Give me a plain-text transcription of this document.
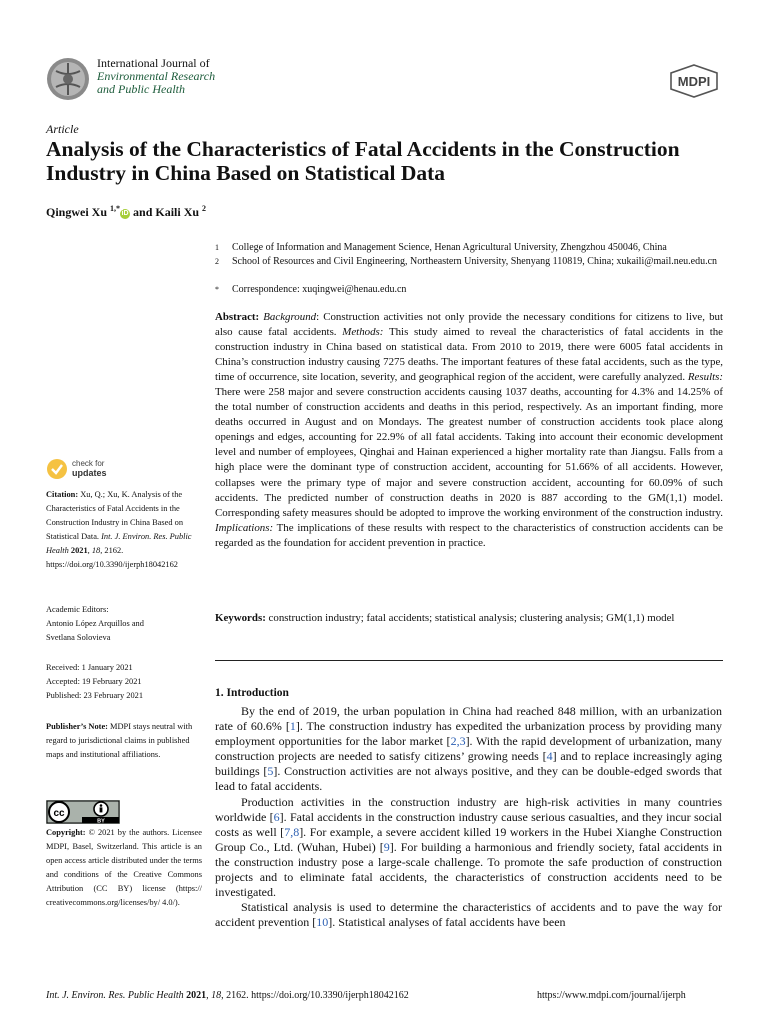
International Journal of
Environmental Research
and Public Health	MDPI
Article
Analysis of the Characteristics of Fatal Accidents in the Construction Industry in China Based on Statistical Data
Qingwei Xu $^{1,*}$iD and Kaili Xu $^2$
1	College of Information and Management Science, Henan Agricultural University, Zhengzhou 450046, China
2	School of Resources and Civil Engineering, Northeastern University, Shenyang 110819, China; xukaili@mail.neu.edu.cn
*	Correspondence: xuqingwei@henau.edu.cn
Abstract: Background: Construction activities not only provide the necessary conditions for citizens to live, but also cause fatal accidents. Methods: This study aimed to reveal the characteristics of fatal accidents in the construction industry in China based on statistical data. From 2010 to 2019, there were 6005 fatal accidents in China’s construction industry causing 7275 deaths. The important features of these fatal accidents, such as the type, time of occurrence, site location, severity, and geographical region of the accident, were carefully analyzed. Results: There were 258 major and severe construction accidents causing 1037 deaths, accounting for 4.3% and 14.25% of the total number of construction accidents and deaths in this period, respectively. As an important finding, more deaths occurred in August and on Mondays. The greatest number of construction accidents took place along openings and edges, accounting for 22.9% of all fatal accidents. Taking into account their economic development level and number of employees, Qinghai and Hainan experienced a higher mortality rate than Jiangsu. Falls from a high place were the dominant type of construction accident, accounting for 51.66% of all accidents. However, collapses were the primary type of major and severe construction accident, accounting for 60.09% of such accidents. The predicted number of construction deaths in 2020 is 887 according to the GM(1,1) model. Corresponding safety measures should be adopted to improve the working environment of the construction industry. Implications: The implications of these results with respect to the characteristics of construction accidents can be regarded as the foundation for accident prevention in practice.
Keywords: construction industry; fatal accidents; statistical analysis; clustering analysis; GM(1,1) model
1. Introduction

By the end of 2019, the urban population in China had reached 848 million, with an urbanization rate of 60.6% [1]. The construction industry has expedited the urbanization process by providing many employment opportunities for the labor market [2,3]. With the rapid development of urbanization, many construction projects are needed to satisfy citizens’ growing needs [4] and to replace increasingly aging buildings [5]. Construction activities are not always positive, and they can be double-edged swords that lead to fatal accidents.

Production activities in the construction industry are high-risk activities in many countries worldwide [6]. Fatal accidents in the construction industry cause serious casualties, and they incur social costs as well [7,8]. For example, a severe accident killed 19 workers in the Hubei Xianghe Construction Group Co., Ltd. (Wuhan, Hubei) [9]. For building a harmonious and friendly society, fatal accidents in the construction industry pose a large-scale challenge. To promote the safe production of construction projects and to eliminate fatal accidents, the characteristics of construction accidents need to be investigated.

Statistical analysis is used to determine the characteristics of accidents and to pave the way for accident prevention [10]. Statistical analyses of fatal accidents have been

check for
updates
Citation: Xu, Q.; Xu, K. Analysis of the Characteristics of Fatal Accidents in the Construction Industry in China Based on Statistical Data. Int. J. Environ. Res. Public Health 2021, 18, 2162. https://doi.org/10.3390/ijerph18042162
Academic Editors:
Antonio López Arquillos and
Svetlana Solovieva
Received: 1 January 2021
Accepted: 19 February 2021
Published: 23 February 2021
Publisher’s Note: MDPI stays neutral with regard to jurisdictional claims in published maps and institutional affiliations.
BY
cc
Copyright: © 2021 by the authors. Licensee MDPI, Basel, Switzerland. This article is an open access article distributed under the terms and conditions of the Creative Commons Attribution (CC BY) license (https:// creativecommons.org/licenses/by/ 4.0/).
Int. J. Environ. Res. Public Health 2021, 18, 2162. https://doi.org/10.3390/ijerph18042162	https://www.mdpi.com/journal/ijerph
